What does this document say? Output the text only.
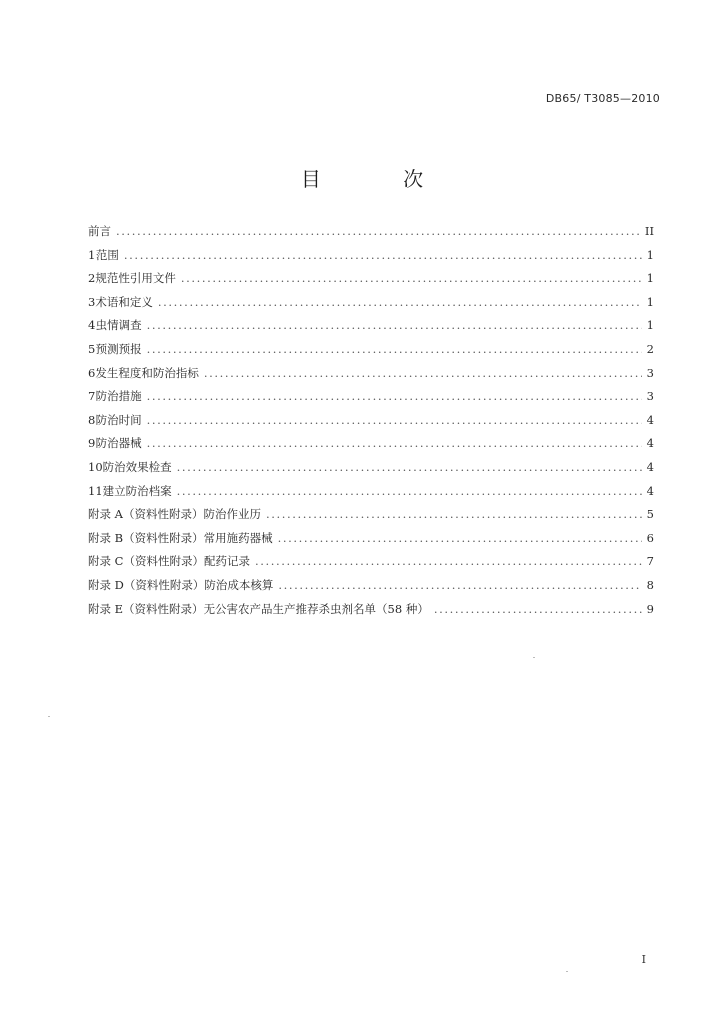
DB65/ T3085—2010
目 次
前言 .....	II
1 范围 .....	1
2 规范性引用文件 .....	1
3 术语和定义 .....	1
4 虫情调查 .....	1
5 预测预报 .....	2
6 发生程度和防治指标 .....	3
7 防治措施 .....	3
8 防治时间 .....	4
9 防治器械 .....	4
10 防治效果检查 .....	4
11 建立防治档案 .....	4
附录 A（资料性附录） 防治作业历 .....	5
附录 B（资料性附录） 常用施药器械 .....	6
附录 C（资料性附录） 配药记录 .....	7
附录 D（资料性附录） 防治成本核算 .....	8
附录 E（资料性附录） 无公害农产品生产推荐杀虫剂名单（58 种） .....	9
I
